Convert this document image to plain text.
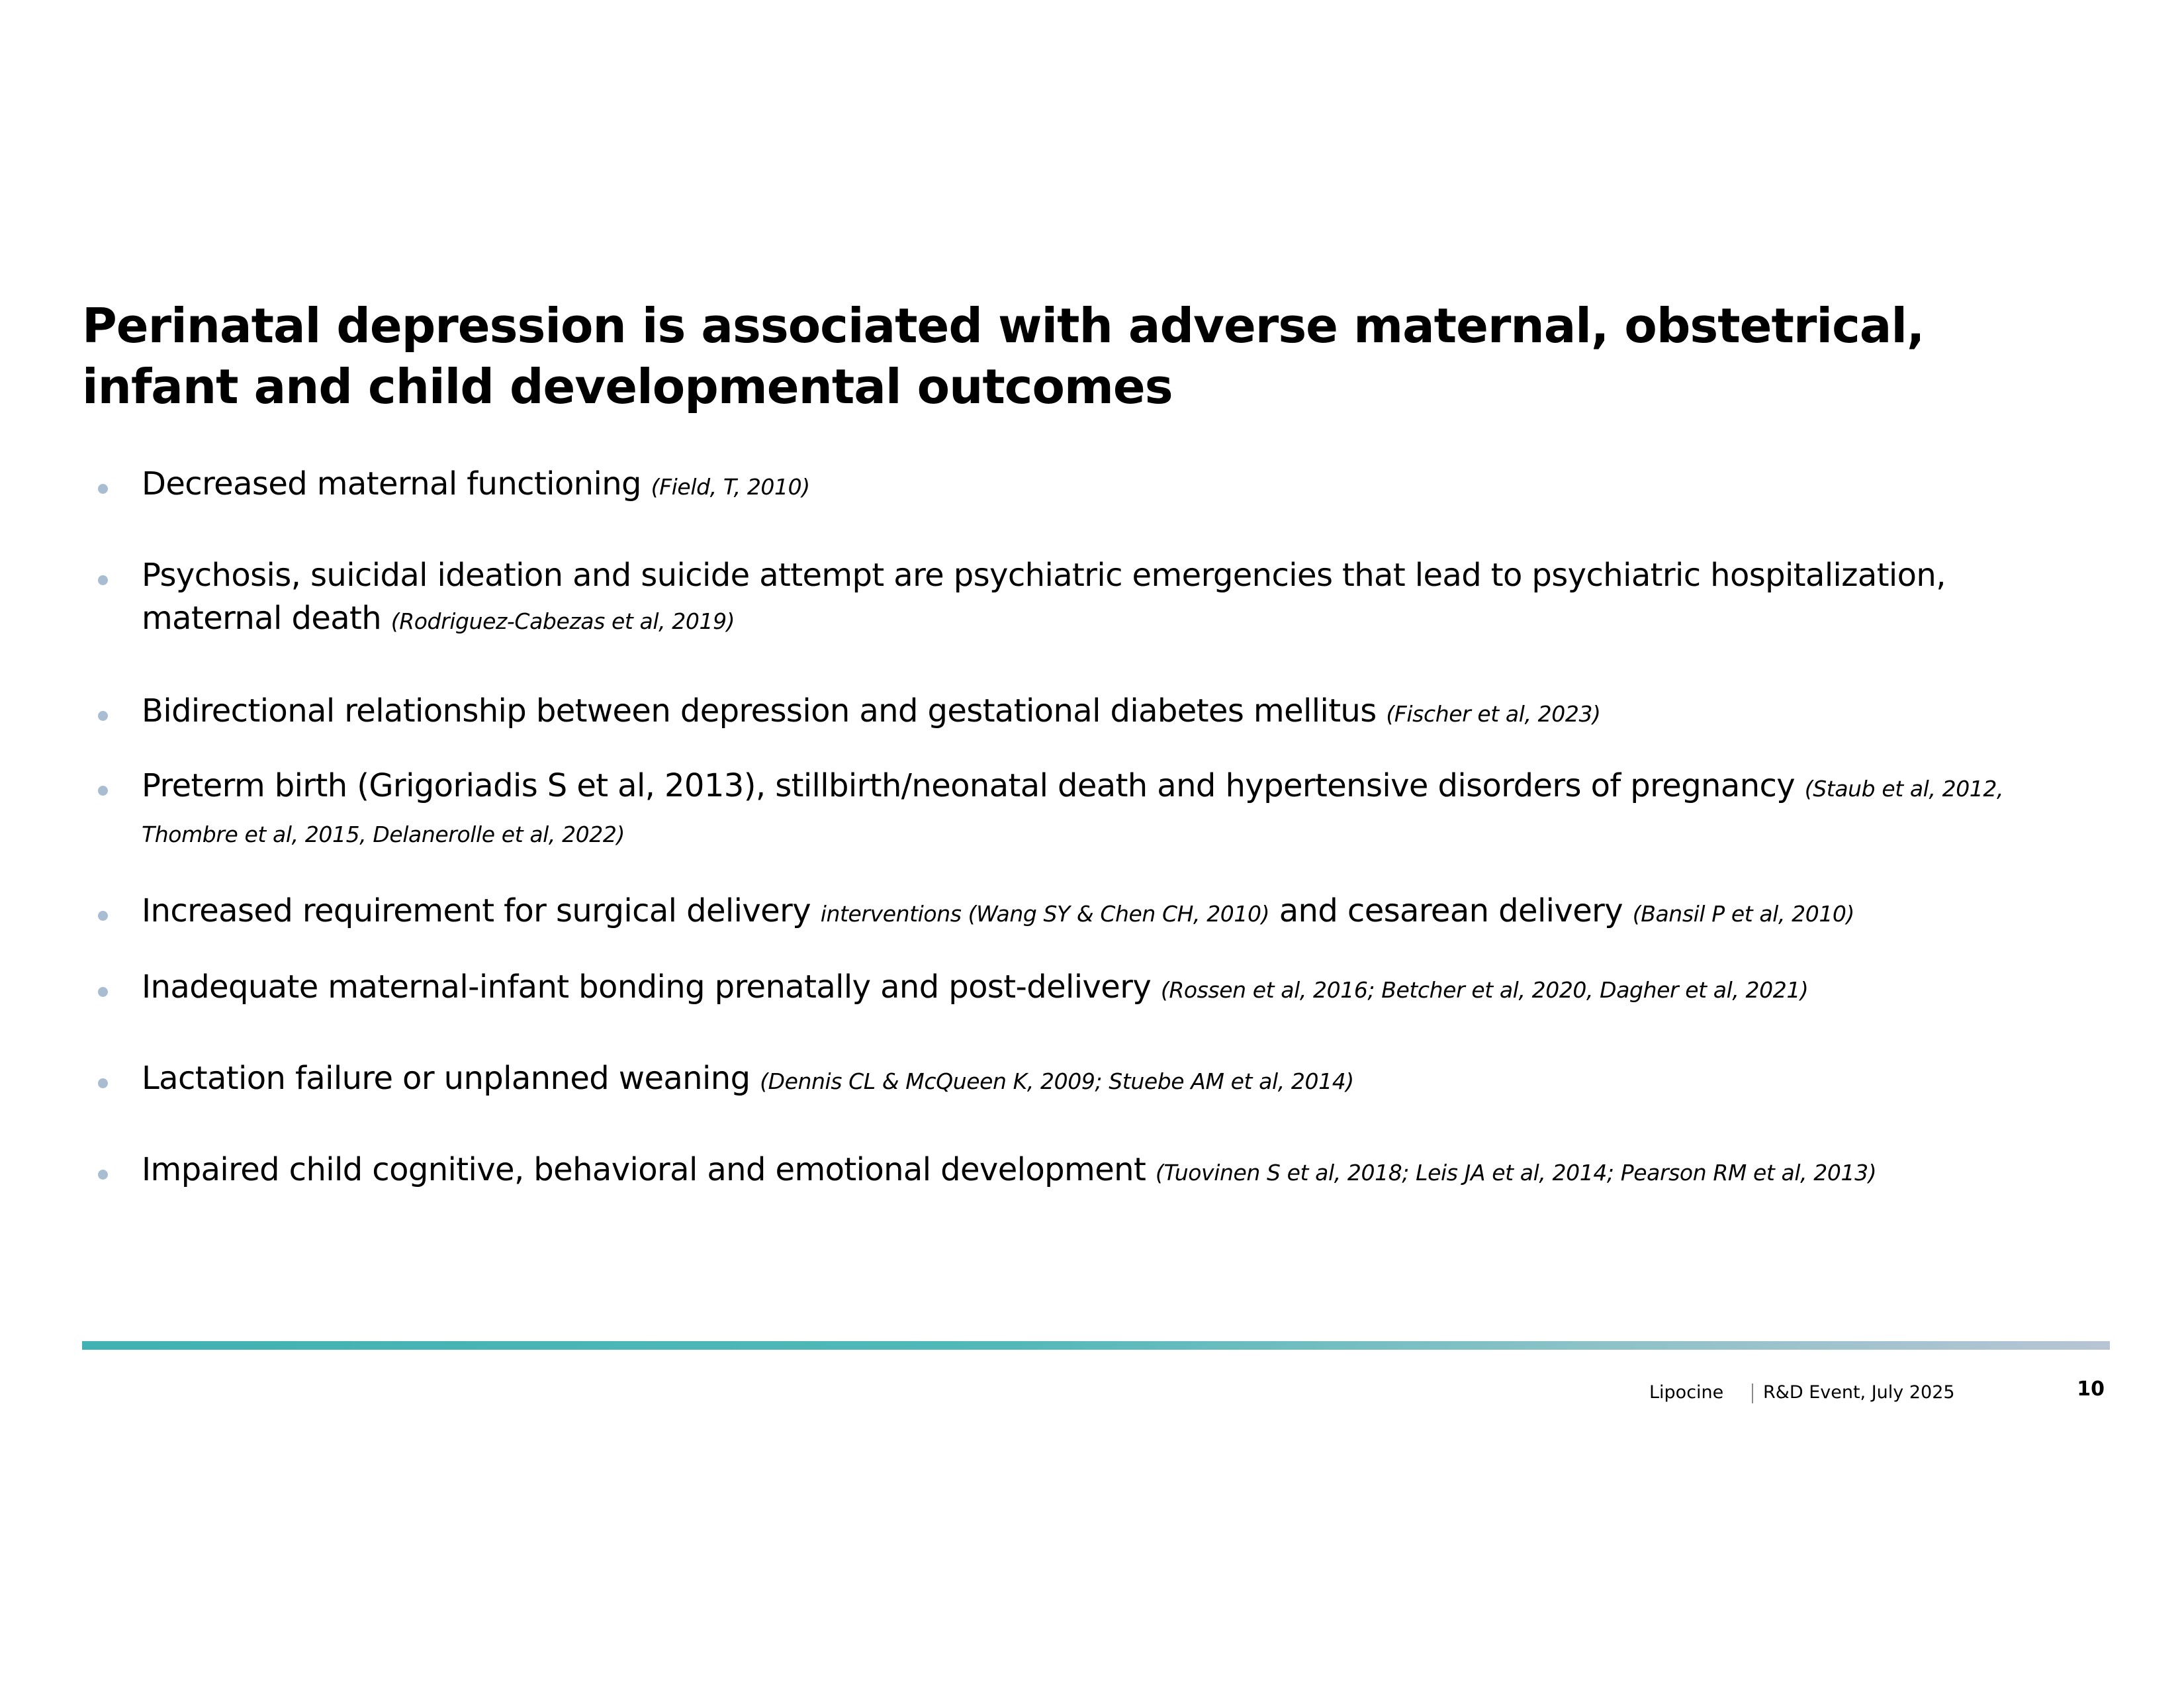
Perinatal depression is associated with adverse maternal, obstetrical, infant and child developmental outcomes
Decreased maternal functioning (Field, T, 2010)
Psychosis, suicidal ideation and suicide attempt are psychiatric emergencies that lead to psychiatric hospitalization, maternal death (Rodriguez-Cabezas et al, 2019)
Bidirectional relationship between depression and gestational diabetes mellitus (Fischer et al, 2023)
Preterm birth (Grigoriadis S et al, 2013), stillbirth/neonatal death and hypertensive disorders of pregnancy (Staub et al, 2012, Thombre et al, 2015, Delanerolle et al, 2022)
Increased requirement for surgical delivery interventions (Wang SY & Chen CH, 2010) and cesarean delivery (Bansil P et al, 2010)
Inadequate maternal-infant bonding prenatally and post-delivery (Rossen et al, 2016; Betcher et al, 2020, Dagher et al, 2021)
Lactation failure or unplanned weaning (Dennis CL & McQueen K, 2009; Stuebe AM et al, 2014)
Impaired child cognitive, behavioral and emotional development (Tuovinen S et al, 2018; Leis JA et al, 2014; Pearson RM et al, 2013)
Lipocine R&D Event, July 2025	10
